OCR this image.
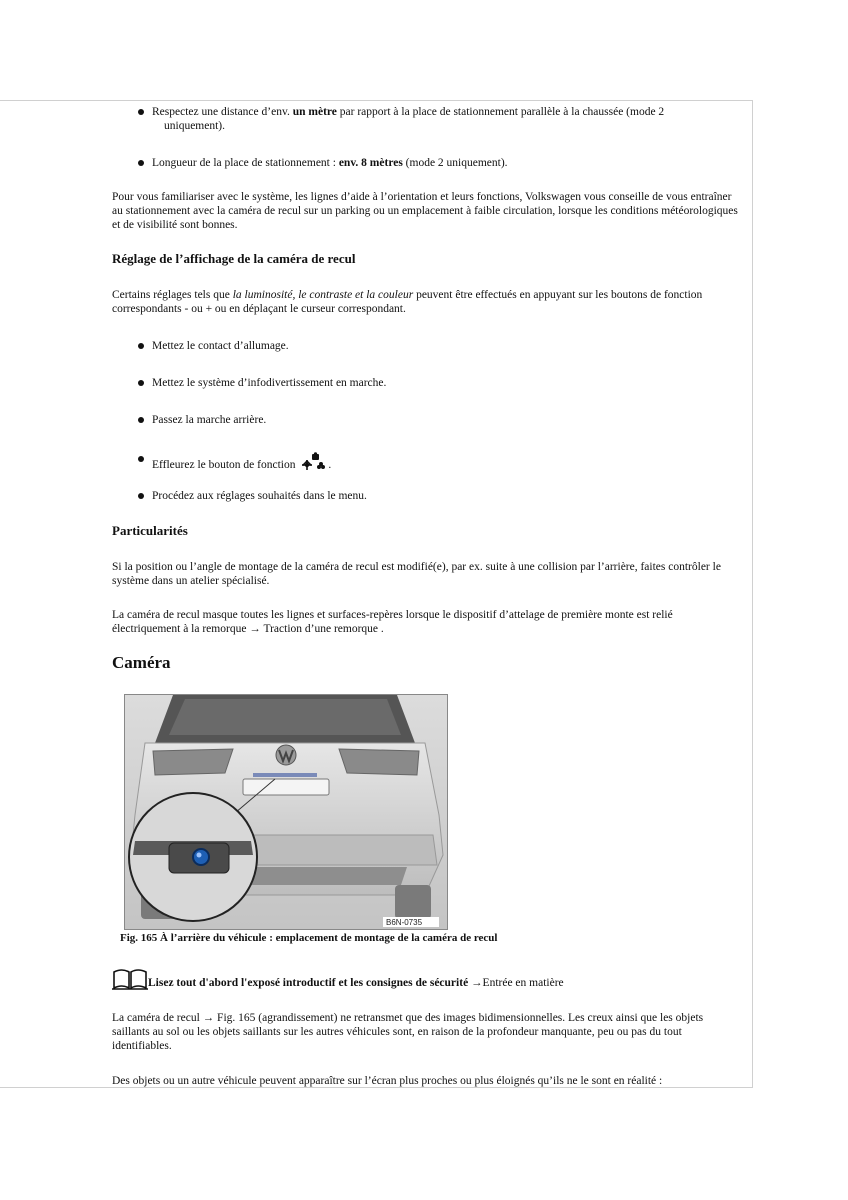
Respectez une distance d’env. un mètre par rapport à la place de stationnement parallèle à la chaussée (mode 2
uniquement).
Longueur de la place de stationnement : env. 8 mètres (mode 2 uniquement).

Pour vous familiariser avec le système, les lignes d’aide à l’orientation et leurs fonctions, Volkswagen vous conseille de vous entraîner au stationnement avec la caméra de recul sur un parking ou un emplacement à faible circulation, lorsque les conditions météorologiques et de visibilité sont bonnes.

Réglage de l’affichage de la caméra de recul

Certains réglages tels que la luminosité, le contraste et la couleur peuvent être effectués en appuyant sur les boutons de fonction correspondants - ou + ou en déplaçant le curseur correspondant.

Mettez le contact d’allumage.
Mettez le système d’infodivertissement en marche.
Passez la marche arrière.
Effleurez le bouton de fonction	.
Procédez aux réglages souhaités dans le menu.
Particularités

Si la position ou l’angle de montage de la caméra de recul est modifié(e), par ex. suite à une collision par l’arrière, faites contrôler le système dans un atelier spécialisé.

La caméra de recul masque toutes les lignes et surfaces-repères lorsque le dispositif d’attelage de première monte est relié électriquement à la remorque → Traction d’une remorque .

Caméra
B6N-0735
Fig. 165 À l’arrière du véhicule : emplacement de montage de la caméra de recul
Lisez tout d'abord l'exposé introductif et les consignes de sécurité →Entrée en matière

La caméra de recul → Fig. 165 (agrandissement) ne retransmet que des images bidimensionnelles. Les creux ainsi que les objets saillants au sol ou les objets saillants sur les autres véhicules sont, en raison de la profondeur manquante, peu ou pas du tout identifiables.

Des objets ou un autre véhicule peuvent apparaître sur l’écran plus proches ou plus éloignés qu’ils ne le sont en réalité :
